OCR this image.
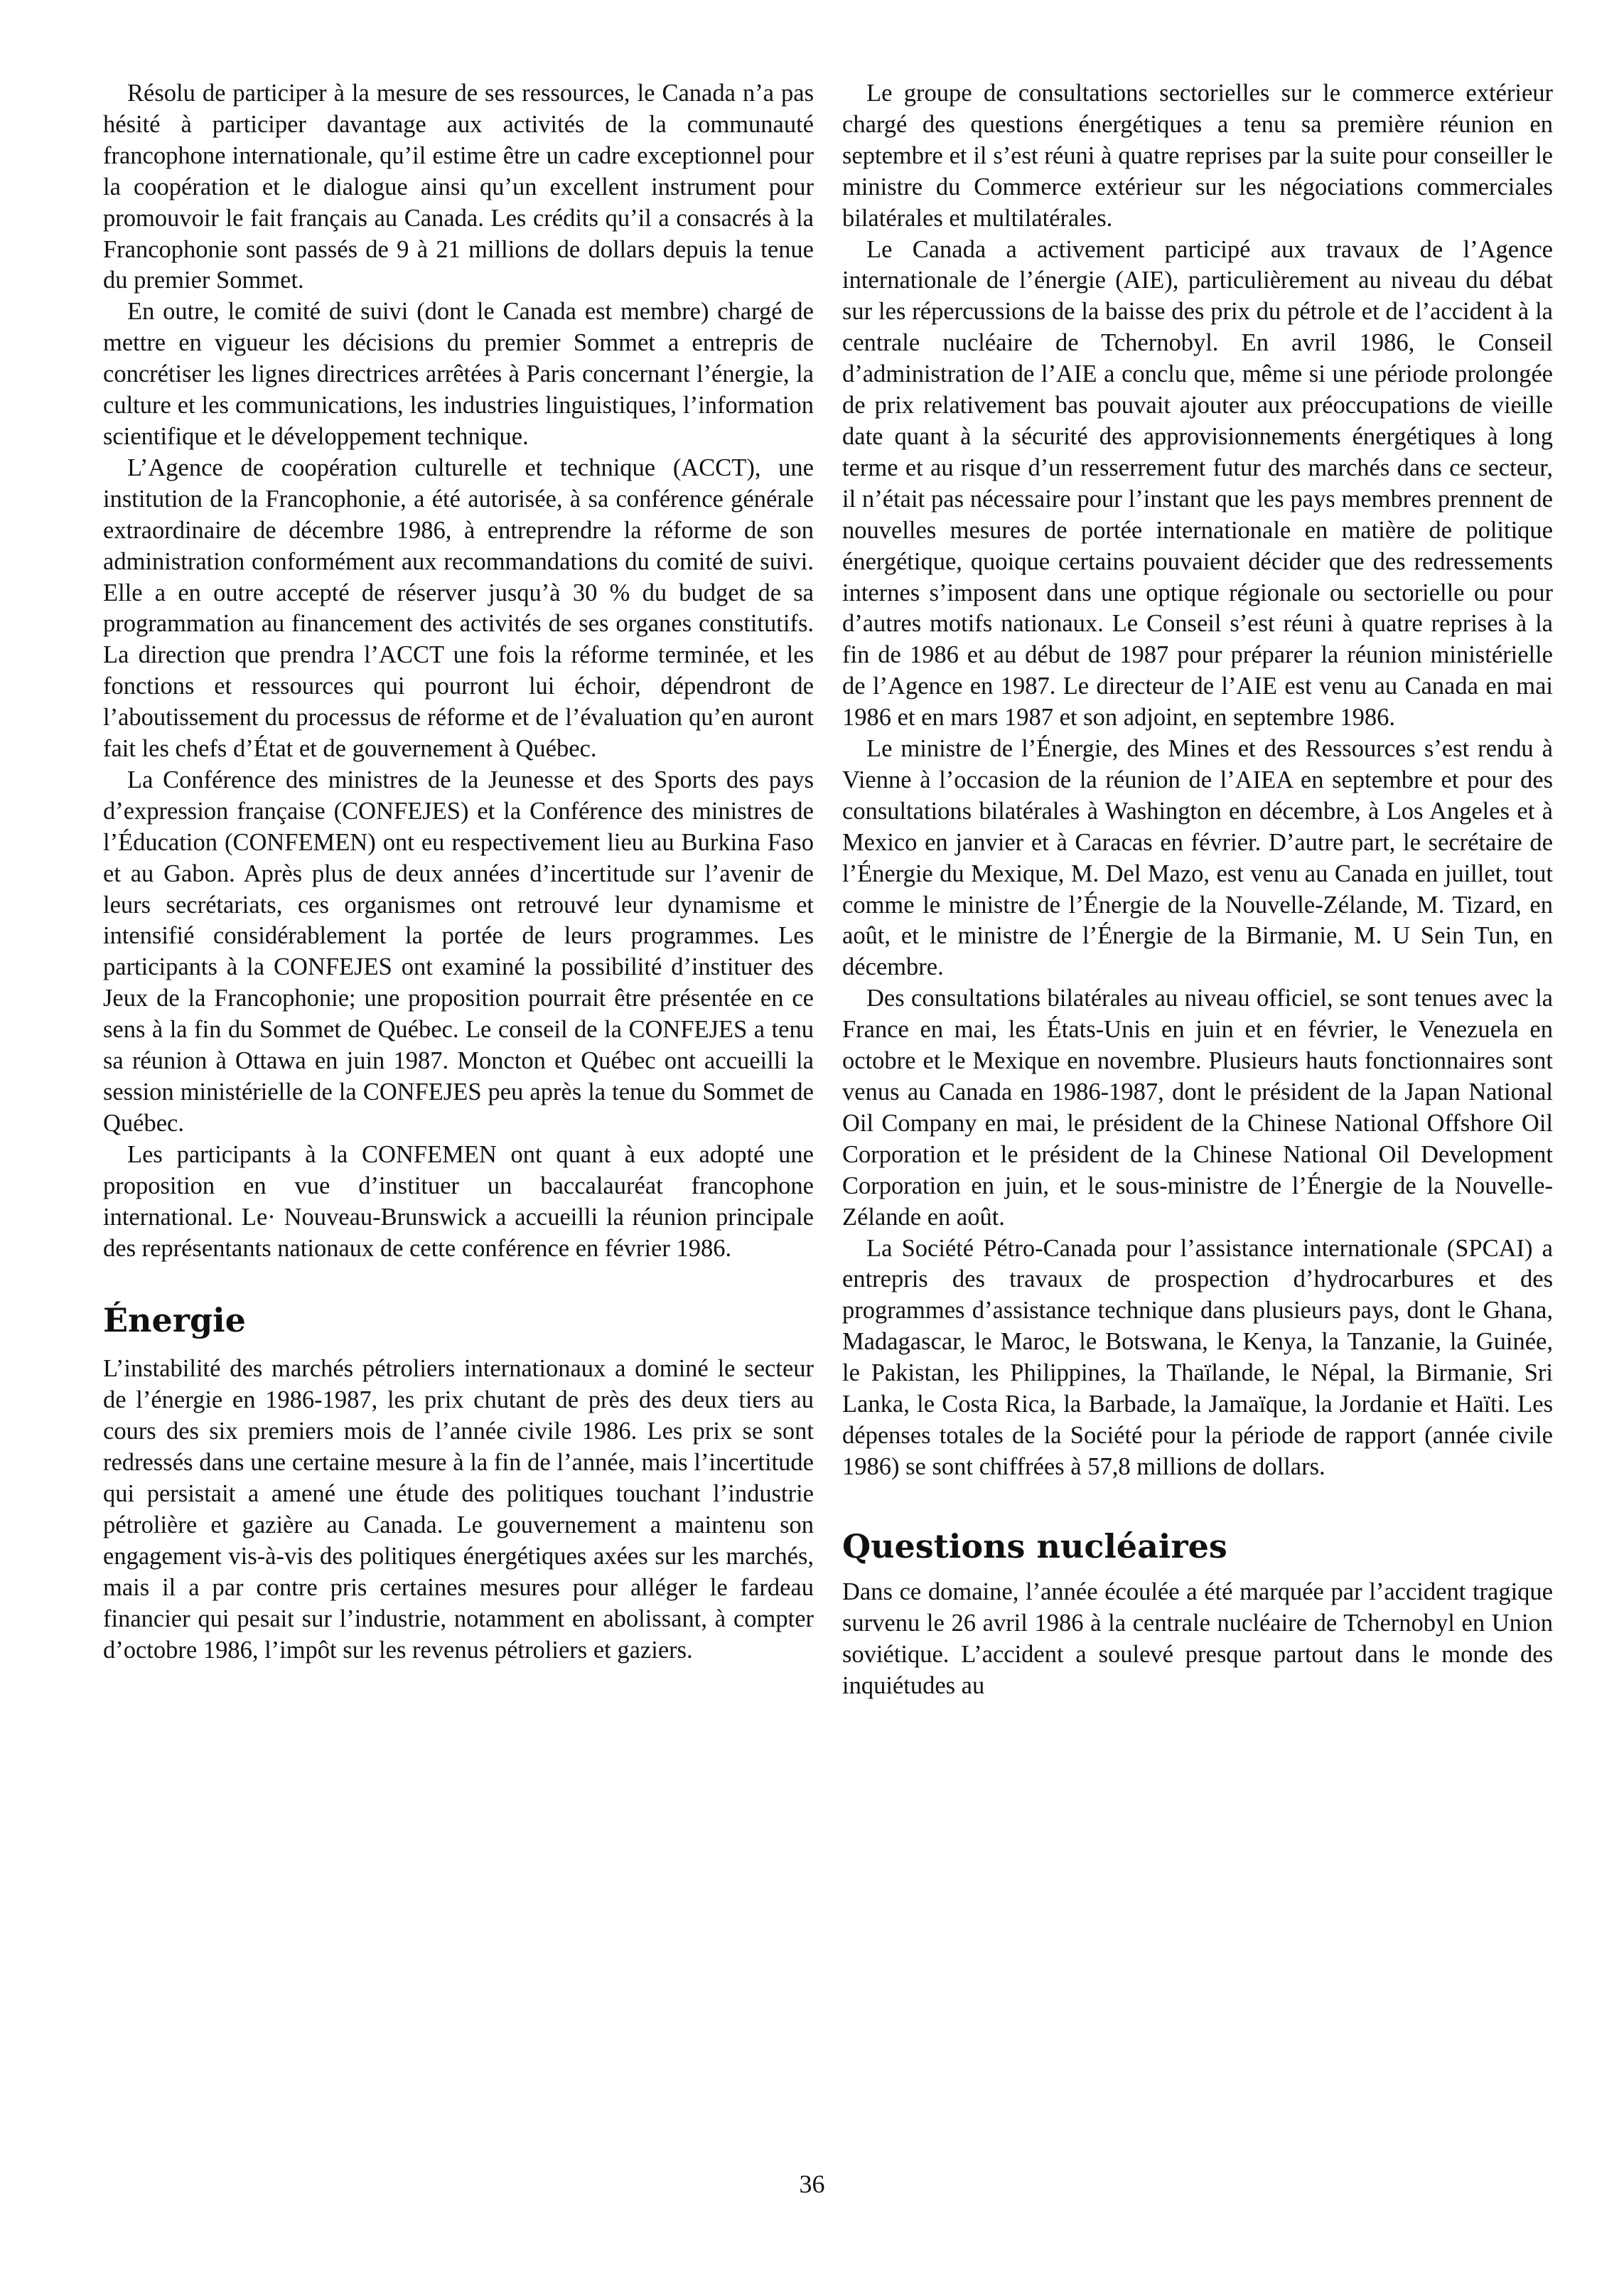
Résolu de participer à la mesure de ses ressources, le Canada n’a pas hésité à participer davantage aux activités de la communauté francophone internationale, qu’il estime être un cadre exceptionnel pour la coopération et le dialogue ainsi qu’un excellent instrument pour promouvoir le fait français au Canada. Les crédits qu’il a consacrés à la Francophonie sont passés de 9 à 21 millions de dollars depuis la tenue du premier Sommet.

En outre, le comité de suivi (dont le Canada est membre) chargé de mettre en vigueur les décisions du premier Sommet a entrepris de concrétiser les lignes directrices arrêtées à Paris concernant l’énergie, la culture et les communications, les industries linguistiques, l’information scientifique et le développement technique.

L’Agence de coopération culturelle et technique (ACCT), une institution de la Francophonie, a été autorisée, à sa conférence générale extraordinaire de décembre 1986, à entreprendre la réforme de son administration conformément aux recommandations du comité de suivi. Elle a en outre accepté de réserver jusqu’à 30 % du budget de sa programmation au financement des activités de ses organes constitutifs. La direction que prendra l’ACCT une fois la réforme terminée, et les fonctions et ressources qui pourront lui échoir, dépendront de l’aboutissement du processus de réforme et de l’évaluation qu’en auront fait les chefs d’État et de gouvernement à Québec.

La Conférence des ministres de la Jeunesse et des Sports des pays d’expression française (CONFEJES) et la Conférence des ministres de l’Éducation (CONFEMEN) ont eu respectivement lieu au Burkina Faso et au Gabon. Après plus de deux années d’incertitude sur l’avenir de leurs secrétariats, ces organismes ont retrouvé leur dynamisme et intensifié considérablement la portée de leurs programmes. Les participants à la CONFEJES ont examiné la possibilité d’instituer des Jeux de la Francophonie; une proposition pourrait être présentée en ce sens à la fin du Sommet de Québec. Le conseil de la CONFEJES a tenu sa réunion à Ottawa en juin 1987. Moncton et Québec ont accueilli la session ministérielle de la CONFEJES peu après la tenue du Sommet de Québec.

Les participants à la CONFEMEN ont quant à eux adopté une proposition en vue d’instituer un baccalauréat francophone international. Le· Nouveau-Brunswick a accueilli la réunion principale des représentants nationaux de cette conférence en février 1986.

Énergie

L’instabilité des marchés pétroliers internationaux a dominé le secteur de l’énergie en 1986-1987, les prix chutant de près des deux tiers au cours des six premiers mois de l’année civile 1986. Les prix se sont redressés dans une certaine mesure à la fin de l’année, mais l’incertitude qui persistait a amené une étude des politiques touchant l’industrie pétrolière et gazière au Canada. Le gouvernement a maintenu son engagement vis-à-vis des politiques énergétiques axées sur les marchés, mais il a par contre pris certaines mesures pour alléger le fardeau financier qui pesait sur l’industrie, notamment en abolissant, à compter d’octobre 1986, l’impôt sur les revenus pétroliers et gaziers.

Le groupe de consultations sectorielles sur le commerce extérieur chargé des questions énergétiques a tenu sa première réunion en septembre et il s’est réuni à quatre reprises par la suite pour conseiller le ministre du Commerce extérieur sur les négociations commerciales bilatérales et multilatérales.

Le Canada a activement participé aux travaux de l’Agence internationale de l’énergie (AIE), particulièrement au niveau du débat sur les répercussions de la baisse des prix du pétrole et de l’accident à la centrale nucléaire de Tchernobyl. En avril 1986, le Conseil d’administration de l’AIE a conclu que, même si une période prolongée de prix relativement bas pouvait ajouter aux préoccupations de vieille date quant à la sécurité des approvisionnements énergétiques à long terme et au risque d’un resserrement futur des marchés dans ce secteur, il n’était pas nécessaire pour l’instant que les pays membres prennent de nouvelles mesures de portée internationale en matière de politique énergétique, quoique certains pouvaient décider que des redressements internes s’imposent dans une optique régionale ou sectorielle ou pour d’autres motifs nationaux. Le Conseil s’est réuni à quatre reprises à la fin de 1986 et au début de 1987 pour préparer la réunion ministérielle de l’Agence en 1987. Le directeur de l’AIE est venu au Canada en mai 1986 et en mars 1987 et son adjoint, en septembre 1986.

Le ministre de l’Énergie, des Mines et des Ressources s’est rendu à Vienne à l’occasion de la réunion de l’AIEA en septembre et pour des consultations bilatérales à Washington en décembre, à Los Angeles et à Mexico en janvier et à Caracas en février. D’autre part, le secrétaire de l’Énergie du Mexique, M. Del Mazo, est venu au Canada en juillet, tout comme le ministre de l’Énergie de la Nouvelle-Zélande, M. Tizard, en août, et le ministre de l’Énergie de la Birmanie, M. U Sein Tun, en décembre.

Des consultations bilatérales au niveau officiel, se sont tenues avec la France en mai, les États-Unis en juin et en février, le Venezuela en octobre et le Mexique en novembre. Plusieurs hauts fonctionnaires sont venus au Canada en 1986-1987, dont le président de la Japan National Oil Company en mai, le président de la Chinese National Offshore Oil Corporation et le président de la Chinese National Oil Development Corporation en juin, et le sous-ministre de l’Énergie de la Nouvelle-Zélande en août.

La Société Pétro-Canada pour l’assistance internationale (SPCAI) a entrepris des travaux de prospection d’hydrocarbures et des programmes d’assistance technique dans plusieurs pays, dont le Ghana, Madagascar, le Maroc, le Botswana, le Kenya, la Tanzanie, la Guinée, le Pakistan, les Philippines, la Thaïlande, le Népal, la Birmanie, Sri Lanka, le Costa Rica, la Barbade, la Jamaïque, la Jordanie et Haïti. Les dépenses totales de la Société pour la période de rapport (année civile 1986) se sont chiffrées à 57,8 millions de dollars.

Questions nucléaires

Dans ce domaine, l’année écoulée a été marquée par l’accident tragique survenu le 26 avril 1986 à la centrale nucléaire de Tchernobyl en Union soviétique. L’accident a soulevé presque partout dans le monde des inquiétudes au

36
